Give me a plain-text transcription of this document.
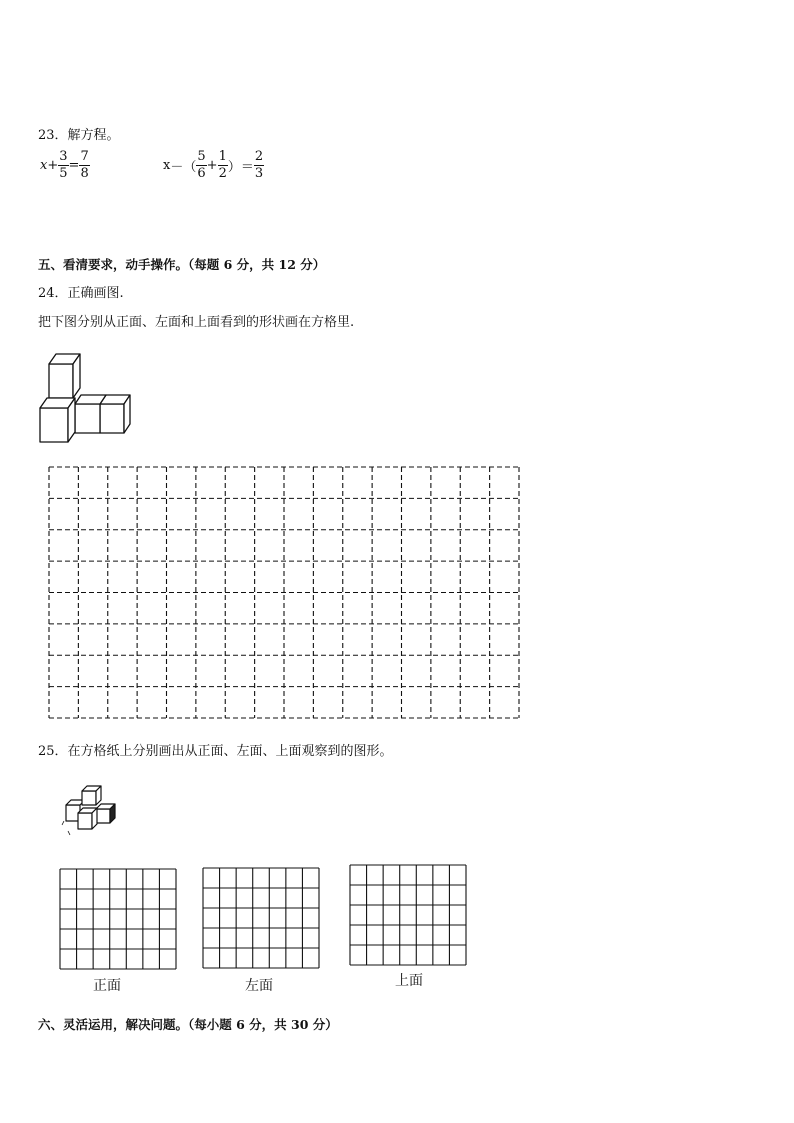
23．解方程。
$x + \frac{3}{5} = \frac{7}{8}$	x － （ $\frac{5}{6} + \frac{1}{2}$ ） ＝ $\frac{2}{3}$
五、看清要求，动手操作。（每题 6 分，共 12 分）
24．正确画图.
把下图分别从正面、左面和上面看到的形状画在方格里.
25．在方格纸上分别画出从正面、左面、上面观察到的图形。
正面	左面	上面
六、灵活运用，解决问题。（每小题 6 分，共 30 分）
